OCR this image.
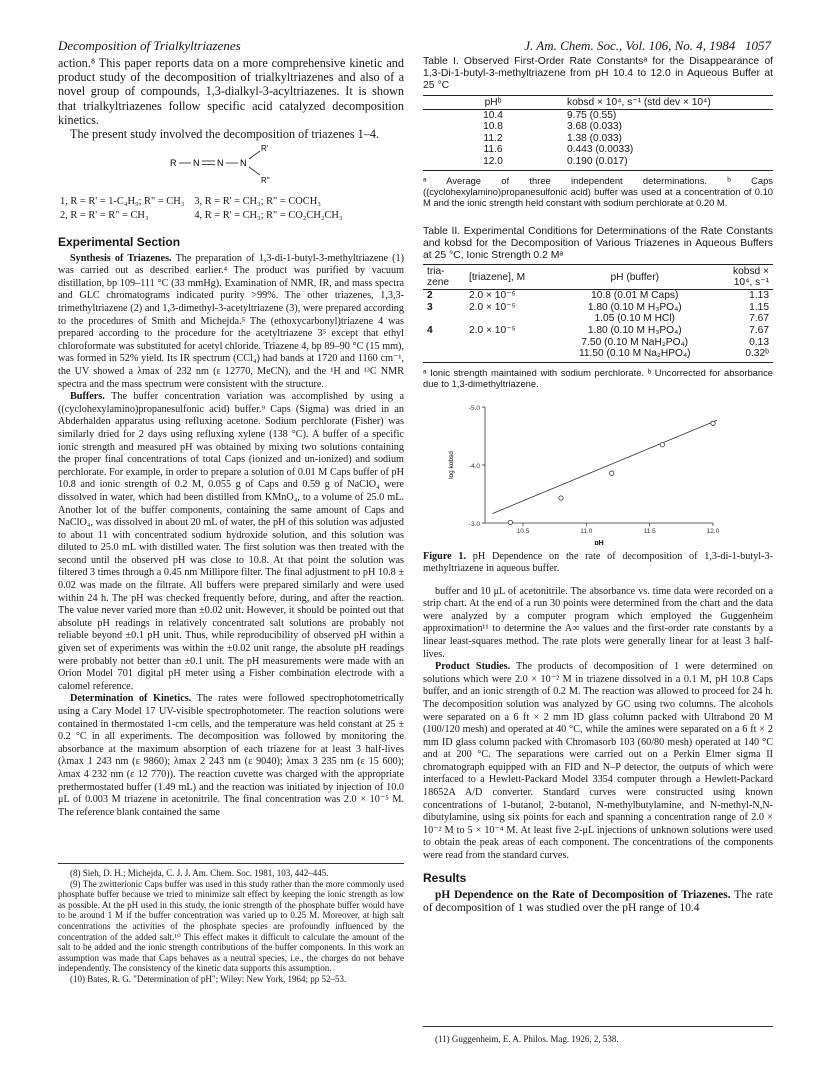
Decomposition of Trialkyltriazenes	J. Am. Chem. Soc., Vol. 106, No. 4, 1984 1057

action.⁸ This paper reports data on a more comprehensive kinetic and product study of the decomposition of trialkyltriazenes and also of a novel group of compounds, 1,3-dialkyl-3-acyltriazenes. It is shown that trialkyltriazenes follow specific acid catalyzed decomposition kinetics.

The present study involved the decomposition of triazenes 1–4.

R N N N
R'
R"
1, R = R' = 1-C₄H₉; R" = CH₃	3, R = R' = CH₃; R" = COCH₃
2, R = R' = R" = CH₃	4, R = R' = CH₃; R" = CO₂CH₂CH₃
Experimental Section

Synthesis of Triazenes. The preparation of 1,3-di-1-butyl-3-methyltriazene (1) was carried out as described earlier.⁴ The product was purified by vacuum distillation, bp 109–111 °C (33 mmHg). Examination of NMR, IR, and mass spectra and GLC chromatograms indicated purity >99%. The other triazenes, 1,3,3-trimethyltriazene (2) and 1,3-dimethyl-3-acetyltriazene (3), were prepared according to the procedures of Smith and Michejda.⁵ The (ethoxycarbonyl)triazene 4 was prepared according to the procedure for the acetyltriazene 3⁵ except that ethyl chloroformate was substituted for acetyl chloride. Triazene 4, bp 89–90 °C (15 mm), was formed in 52% yield. Its IR spectrum (CCl₄) had bands at 1720 and 1160 cm⁻¹, the UV showed a λmax of 232 nm (ε 12770, MeCN), and the ¹H and ¹³C NMR spectra and the mass spectrum were consistent with the structure.

Buffers. The buffer concentration variation was accomplished by using a ((cyclohexylamino)propanesulfonic acid) buffer.⁹ Caps (Sigma) was dried in an Abderhalden apparatus using refluxing acetone. Sodium perchlorate (Fisher) was similarly dried for 2 days using refluxing xylene (138 °C). A buffer of a specific ionic strength and measured pH was obtained by mixing two solutions containing the proper final concentrations of total Caps (ionized and un-ionized) and sodium perchlorate. For example, in order to prepare a solution of 0.01 M Caps buffer of pH 10.8 and ionic strength of 0.2 M, 0.055 g of Caps and 0.59 g of NaClO₄ were dissolved in water, which had been distilled from KMnO₄, to a volume of 25.0 mL. Another lot of the buffer components, containing the same amount of Caps and NaClO₄, was dissolved in about 20 mL of water, the pH of this solution was adjusted to about 11 with concentrated sodium hydroxide solution, and this solution was diluted to 25.0 mL with distilled water. The first solution was then treated with the second until the observed pH was close to 10.8. At that point the solution was filtered 3 times through a 0.45 nm Millipore filter. The final adjustment to pH 10.8 ± 0.02 was made on the filtrate. All buffers were prepared similarly and were used within 24 h. The pH was checked frequently before, during, and after the reaction. The value never varied more than ±0.02 unit. However, it should be pointed out that absolute pH readings in relatively concentrated salt solutions are probably not reliable beyond ±0.1 pH unit. Thus, while reproducibility of observed pH within a given set of experiments was within the ±0.02 unit range, the absolute pH readings were probably not better than ±0.1 unit. The pH measurements were made with an Orion Model 701 digital pH meter using a Fisher combination electrode with a calomel reference.

Determination of Kinetics. The rates were followed spectrophotometrically using a Cary Model 17 UV-visible spectrophotometer. The reaction solutions were contained in thermostated 1-cm cells, and the temperature was held constant at 25 ± 0.2 °C in all experiments. The decomposition was followed by monitoring the absorbance at the maximum absorption of each triazene for at least 3 half-lives (λmax 1 243 nm (ε 9860); λmax 2 243 nm (ε 9040); λmax 3 235 nm (ε 15 600); λmax 4 232 nm (ε 12 770)). The reaction cuvette was charged with the appropriate prethermostated buffer (1.49 mL) and the reaction was initiated by injection of 10.0 μL of 0.003 M triazene in acetonitrile. The final concentration was 2.0 × 10⁻⁵ M. The reference blank contained the same

(8) Sieh, D. H.; Michejda, C. J. J. Am. Chem. Soc. 1981, 103, 442–445.

(9) The zwitterionic Caps buffer was used in this study rather than the more commonly used phosphate buffer because we tried to minimize salt effect by keeping the ionic strength as low as possible. At the pH used in this study, the ionic strength of the phosphate buffer would have to be around 1 M if the buffer concentration was varied up to 0.25 M. Moreover, at high salt concentrations the activities of the phosphate species are profoundly influenced by the concentration of the added salt.¹⁰ This effect makes it difficult to calculate the amount of the salt to be added and the ionic strength contributions of the buffer components. In this work an assumption was made that Caps behaves as a neutral species, i.e., the charges do not behave independently. The consistency of the kinetic data supports this assumption.

(10) Bates, R. G. "Determination of pH"; Wiley: New York, 1964; pp 52–53.

Table I. Observed First-Order Rate Constantsᵃ for the Disappearance of 1,3-Di-1-butyl-3-methyltriazene from pH 10.4 to 12.0 in Aqueous Buffer at 25 °C

pHᵇ	kobsd × 10⁴, s⁻¹ (std dev × 10⁴)
10.4	9.75 (0.55)
10.8	3.68 (0.033)
11.2	1.38 (0.033)
11.6	0.443 (0.0033)
12.0	0.190 (0.017)

ᵃ Average of three independent determinations. ᵇ Caps ((cyclohexylamino)propanesulfonic acid) buffer was used at a concentration of 0.10 M and the ionic strength held constant with sodium perchlorate at 0.20 M.

Table II. Experimental Conditions for Determinations of the Rate Constants and kobsd for the Decomposition of Various Triazenes in Aqueous Buffers at 25 °C, Ionic Strength 0.2 Mᵃ

tria-zene	[triazene], M	pH (buffer)	kobsd × 10⁴, s⁻¹
2	2.0 × 10⁻⁵	10.8 (0.01 M Caps)	1.13
3	2.0 × 10⁻⁵	1.80 (0.10 M H₃PO₄)	1.15
		1.05 (0.10 M HCl)	7.67
4	2.0 × 10⁻⁵	1.80 (0.10 M H₃PO₄)	7.67
		7.50 (0.10 M NaH₂PO₄)	0.13
		11.50 (0.10 M Na₂HPO₄)	0.32ᵇ

ᵃ Ionic strength maintained with sodium perchlorate. ᵇ Uncorrected for absorbance due to 1,3-dimethyltriazene.

-3.0
-4.0
-5.0
10.5	11.0	11.5	12.0
pH
log kobsd

Figure 1. pH Dependence on the rate of decomposition of 1,3-di-1-butyl-3-methyltriazene in aqueous buffer.

buffer and 10 μL of acetonitrile. The absorbance vs. time data were recorded on a strip chart. At the end of a run 30 points were determined from the chart and the data were analyzed by a computer program which employed the Guggenheim approximation¹¹ to determine the A∞ values and the first-order rate constants by a linear least-squares method. The rate plots were generally linear for at least 3 half-lives.

Product Studies. The products of decomposition of 1 were determined on solutions which were 2.0 × 10⁻² M in triazene dissolved in a 0.1 M, pH 10.8 Caps buffer, and an ionic strength of 0.2 M. The reaction was allowed to proceed for 24 h. The decomposition solution was analyzed by GC using two columns. The alcohols were separated on a 6 ft × 2 mm ID glass column packed with Ultrabond 20 M (100/120 mesh) and operated at 40 °C, while the amines were separated on a 6 ft × 2 mm ID glass column packed with Chromasorb 103 (60/80 mesh) operated at 140 °C and at 200 °C. The separations were carried out on a Perkin Elmer sigma II chromatograph equipped with an FID and N–P detector, the outputs of which were interfaced to a Hewlett-Packard Model 3354 computer through a Hewlett-Packard 18652A A/D converter. Standard curves were constructed using known concentrations of 1-butanol, 2-butanol, N-methylbutylamine, and N-methyl-N,N-dibutylamine, using six points for each and spanning a concentration range of 2.0 × 10⁻² M to 5 × 10⁻⁴ M. At least five 2-μL injections of unknown solutions were used to obtain the peak areas of each component. The concentrations of the components were read from the standard curves.

Results

pH Dependence on the Rate of Decomposition of Triazenes. The rate of decomposition of 1 was studied over the pH range of 10.4

(11) Guggenheim, E. A. Philos. Mag. 1926, 2, 538.
